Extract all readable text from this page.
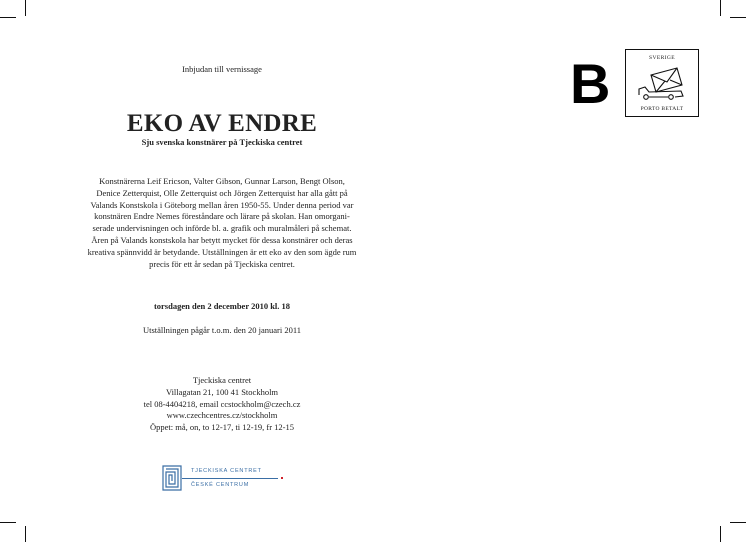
Inbjudan till vernissage
EKO AV ENDRE
Sju svenska konstnärer på Tjeckiska centret
Konstnärerna Leif Ericson, Valter Gibson, Gunnar Larson, Bengt Olson,
Denice Zetterquist, Olle Zetterquist och Jörgen Zetterquist har alla gått på
Valands Konstskola i Göteborg mellan åren 1950-55. Under denna period var
konstnären Endre Nemes föreståndare och lärare på skolan. Han omorgani-
serade undervisningen och införde bl. a. grafik och muralmåleri på schemat.
Åren på Valands konstskola har betytt mycket för dessa konstnärer och deras
kreativa spännvidd är betydande. Utställningen är ett eko av den som ägde rum
precis för ett år sedan på Tjeckiska centret.
torsdagen den 2 december 2010 kl. 18
Utställningen pågår t.o.m. den 20 januari 2011
Tjeckiska centret
Villagatan 21, 100 41 Stockholm
tel 08-4404218, email ccstockholm@czech.cz
www.czechcentres.cz/stockholm
Öppet: må, on, to 12-17, ti 12-19, fr 12-15
B	SVERIGE
PORTO BETALT
TJECKISKA CENTRET
ČESKÉ CENTRUM
